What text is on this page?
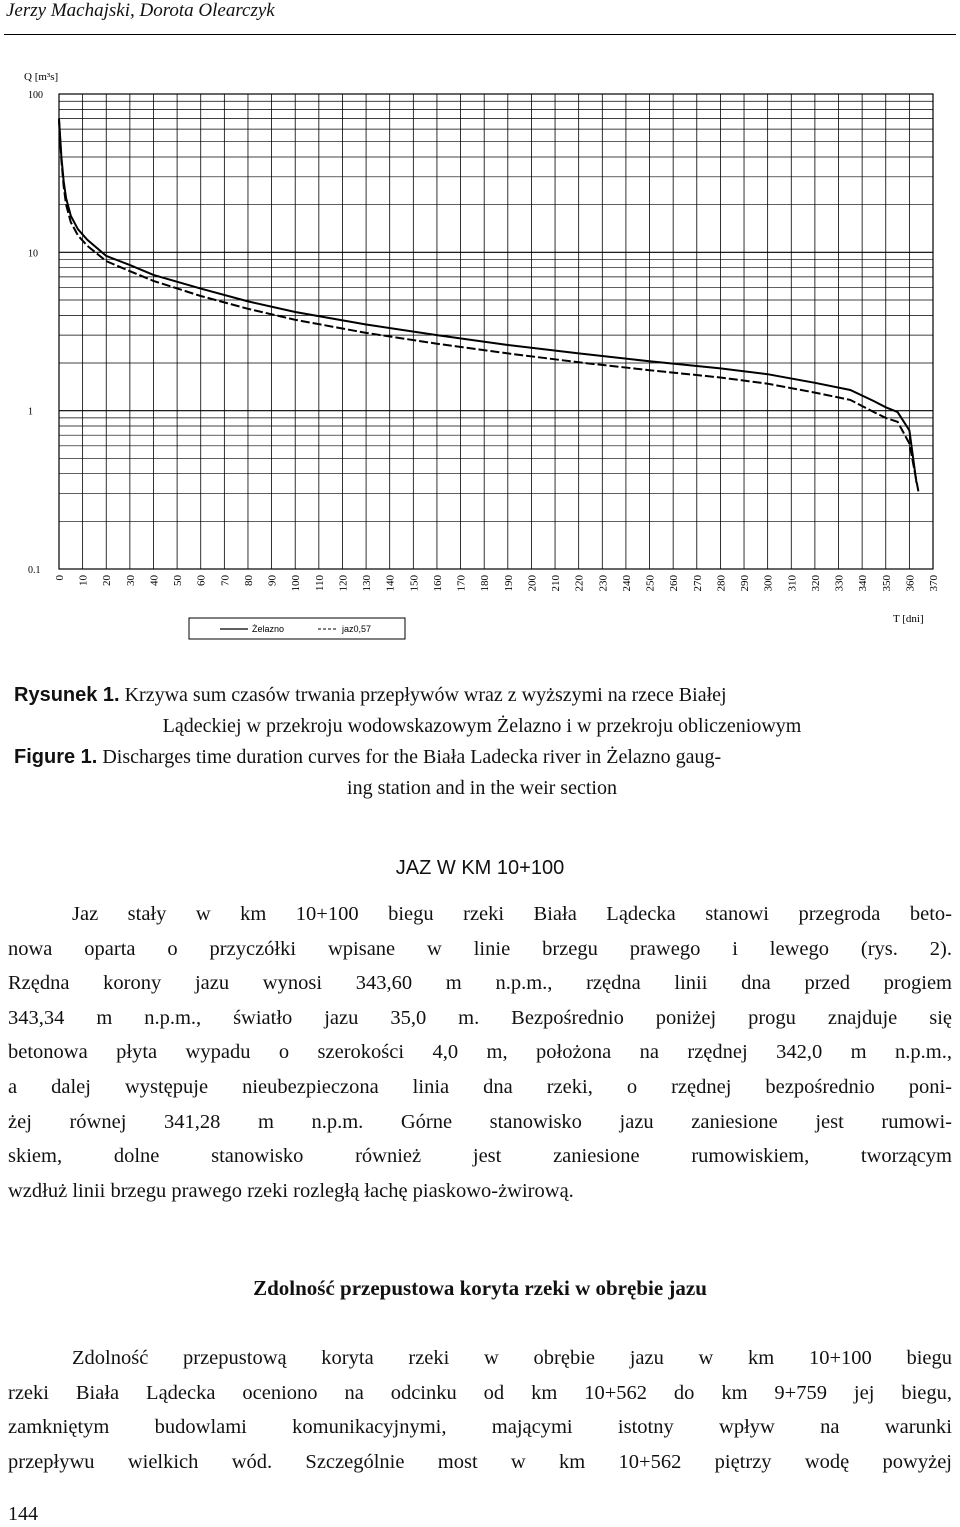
Jerzy Machajski, Dorota Olearczyk
100
10
1
0.1
0 10 20 30 40 50 60 70 80 90 100 110 120 130 140 150 160 170 180 190 200 210 220 230 240 250 260 270 280 290 300 310 320 330 340 350 360 370
Q [m³s]
T [dni]
Żelazno	jaz0,57
Rysunek 1. Krzywa sum czasów trwania przepływów wraz z wyższymi na rzece Białej
Lądeckiej w przekroju wodowskazowym Żelazno i w przekroju obliczeniowym
Figure 1. Discharges time duration curves for the Biała Ladecka river in Żelazno gaug-
ing station and in the weir section
JAZ W KM 10+100
Jaz stały w km 10+100 biegu rzeki Biała Lądecka stanowi przegroda beto-
nowa oparta o przyczółki wpisane w linie brzegu prawego i lewego (rys. 2).
Rzędna korony jazu wynosi 343,60 m n.p.m., rzędna linii dna przed progiem
343,34 m n.p.m., światło jazu 35,0 m. Bezpośrednio poniżej progu znajduje się
betonowa płyta wypadu o szerokości 4,0 m, położona na rzędnej 342,0 m n.p.m.,
a dalej występuje nieubezpieczona linia dna rzeki, o rzędnej bezpośrednio poni-
żej równej 341,28 m n.p.m. Górne stanowisko jazu zaniesione jest rumowi-
skiem, dolne stanowisko również jest zaniesione rumowiskiem, tworzącym
wzdłuż linii brzegu prawego rzeki rozległą łachę piaskowo-żwirową.
Zdolność przepustowa koryta rzeki w obrębie jazu
Zdolność przepustową koryta rzeki w obrębie jazu w km 10+100 biegu
rzeki Biała Lądecka oceniono na odcinku od km 10+562 do km 9+759 jej biegu,
zamkniętym budowlami komunikacyjnymi, mającymi istotny wpływ na warunki
przepływu wielkich wód. Szczególnie most w km 10+562 piętrzy wodę powyżej
144
